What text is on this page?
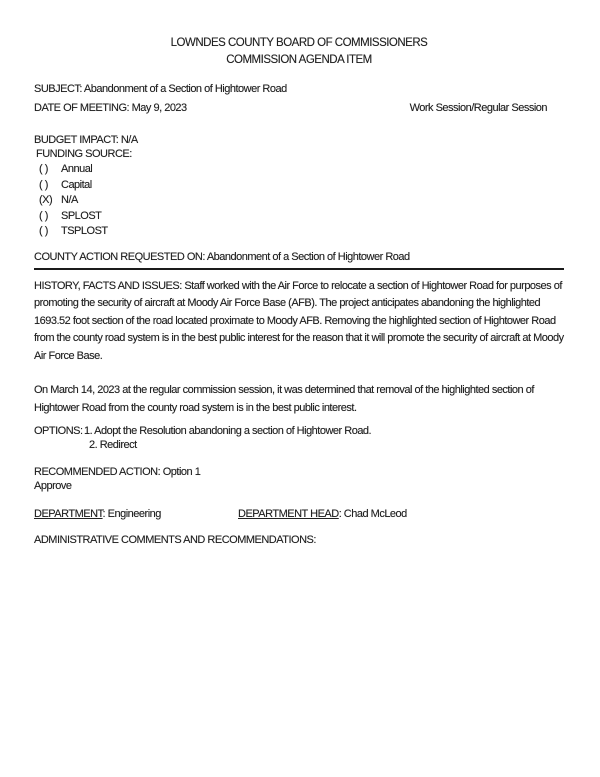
LOWNDES COUNTY BOARD OF COMMISSIONERS
COMMISSION AGENDA ITEM
SUBJECT: Abandonment of a Section of Hightower Road
DATE OF MEETING: May 9, 2023	Work Session/Regular Session
BUDGET IMPACT: N/A
FUNDING SOURCE:
( )	Annual
( )	Capital
(X) N/A
( )	SPLOST
( )	TSPLOST
COUNTY ACTION REQUESTED ON: Abandonment of a Section of Hightower Road
HISTORY, FACTS AND ISSUES: Staff worked with the Air Force to relocate a section of Hightower Road for purposes of promoting the security of aircraft at Moody Air Force Base (AFB). The project anticipates abandoning the highlighted 1693.52 foot section of the road located proximate to Moody AFB. Removing the highlighted section of Hightower Road from the county road system is in the best public interest for the reason that it will promote the security of aircraft at Moody Air Force Base.
On March 14, 2023 at the regular commission session, it was determined that removal of the highlighted section of Hightower Road from the county road system is in the best public interest.
OPTIONS: 1. Adopt the Resolution abandoning a section of Hightower Road.
2. Redirect
RECOMMENDED ACTION: Option 1
Approve
DEPARTMENT: Engineering	DEPARTMENT HEAD: Chad McLeod
ADMINISTRATIVE COMMENTS AND RECOMMENDATIONS:
